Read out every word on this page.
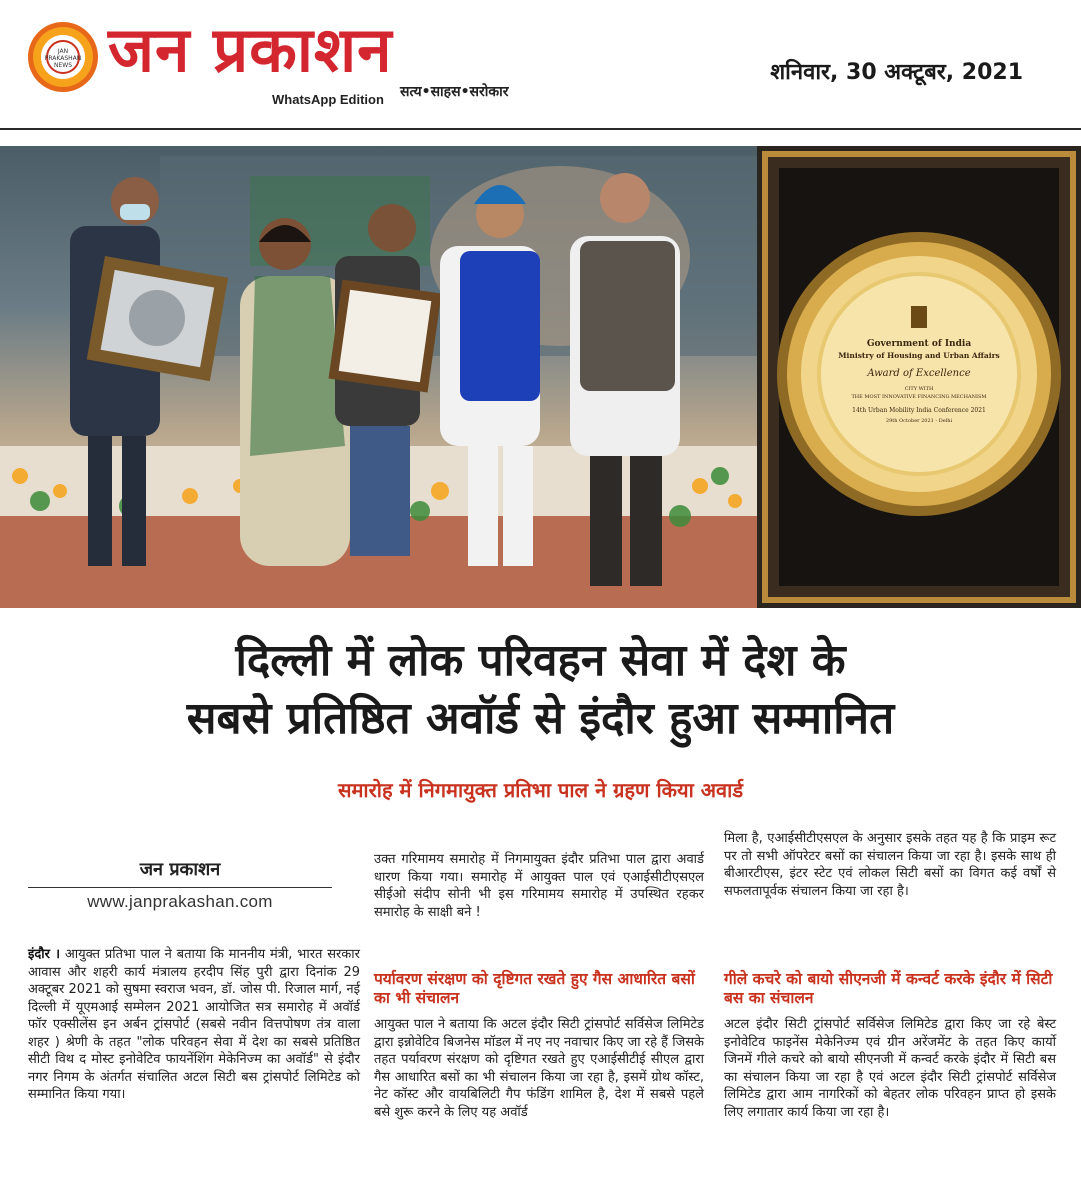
JAN PRAKASHAN NEWS जन प्रकाशन
WhatsApp Edition सत्य•साहस•सरोकार
शनिवार, 30 अक्टूबर, 2021
Government of India
Ministry of Housing and Urban Affairs
Award of Excellence
CITY WITH
THE MOST INNOVATIVE FINANCING MECHANISM
14th Urban Mobility India Conference 2021
29th October 2021 - Delhi
दिल्ली में लोक परिवहन सेवा में देश के
सबसे प्रतिष्ठित अवॉर्ड से इंदौर हुआ सम्मानित
समारोह में निगमायुक्त प्रतिभा पाल ने ग्रहण किया अवार्ड
जन प्रकाशन
www.janprakashan.com
इंदौर । आयुक्त प्रतिभा पाल ने बताया कि माननीय मंत्री, भारत सरकार आवास और शहरी कार्य मंत्रालय हरदीप सिंह पुरी द्वारा दिनांक 29 अक्टूबर 2021 को सुषमा स्वराज भवन, डॉ. जोस पी. रिजाल मार्ग, नई दिल्ली में यूएमआई सम्मेलन 2021 आयोजित सत्र समारोह में अवॉर्ड फॉर एक्सीलेंस इन अर्बन ट्रांसपोर्ट (सबसे नवीन वित्तपोषण तंत्र वाला शहर ) श्रेणी के तहत "लोक परिवहन सेवा में देश का सबसे प्रतिष्ठित सीटी विथ द मोस्ट इनोवेटिव फायनेंशिंग मेकेनिज्म का अवॉर्ड" से इंदौर नगर निगम के अंतर्गत संचालित अटल सिटी बस ट्रांसपोर्ट लिमिटेड को सम्मानित किया गया।
उक्त गरिमामय समारोह में निगमायुक्त इंदौर प्रतिभा पाल द्वारा अवार्ड धारण किया गया। समारोह में आयुक्त पाल एवं एआईसीटीएसएल सीईओ संदीप सोनी भी इस गरिमामय समारोह में उपस्थित रहकर समारोह के साक्षी बने !
पर्यावरण संरक्षण को दृष्टिगत रखते हुए गैस आधारित बसों का भी संचालन
आयुक्त पाल ने बताया कि अटल इंदौर सिटी ट्रांसपोर्ट सर्विसेज लिमिटेड द्वारा इन्नोवेटिव बिजनेस मॉडल में नए नए नवाचार किए जा रहे हैं जिसके तहत पर्यावरण संरक्षण को दृष्टिगत रखते हुए एआईसीटीई सीएल द्वारा गैस आधारित बसों का भी संचालन किया जा रहा है, इसमें ग्रोथ कॉस्ट, नेट कॉस्ट और वायबिलिटी गैप फंडिंग शामिल है, देश में सबसे पहले बसे शुरू करने के लिए यह अवॉर्ड
मिला है, एआईसीटीएसएल के अनुसार इसके तहत यह है कि प्राइम रूट पर तो सभी ऑपरेटर बसों का संचालन किया जा रहा है। इसके साथ ही बीआरटीएस, इंटर स्टेट एवं लोकल सिटी बसों का विगत कई वर्षों से सफलतापूर्वक संचालन किया जा रहा है।
गीले कचरे को बायो सीएनजी में कन्वर्ट करके इंदौर में सिटी बस का संचालन
अटल इंदौर सिटी ट्रांसपोर्ट सर्विसेज लिमिटेड द्वारा किए जा रहे बेस्ट इनोवेटिव फाइनेंस मेकेनिज्म एवं ग्रीन अरेंजमेंट के तहत किए कार्यो जिनमें गीले कचरे को बायो सीएनजी में कन्वर्ट करके इंदौर में सिटी बस का संचालन किया जा रहा है एवं अटल इंदौर सिटी ट्रांसपोर्ट सर्विसेज लिमिटेड द्वारा आम नागरिकों को बेहतर लोक परिवहन प्राप्त हो इसके लिए लगातार कार्य किया जा रहा है।
